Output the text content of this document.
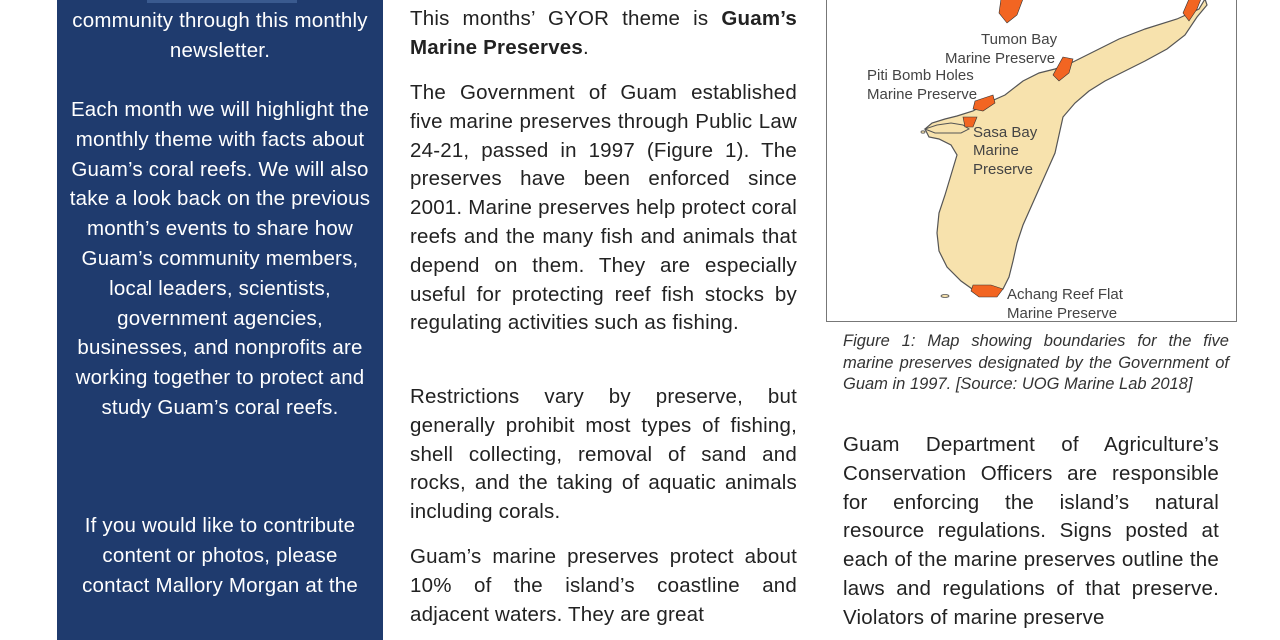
community through this monthly newsletter.
Each month we will highlight the monthly theme with facts about Guam’s coral reefs. We will also take a look back on the previous month’s events to share how Guam’s community members, local leaders, scientists, government agencies, businesses, and nonprofits are working together to protect and study Guam’s coral reefs.
If you would like to contribute content or photos, please contact Mallory Morgan at the

This months’ GYOR theme is Guam’s Marine Preserves.

The Government of Guam established five marine preserves through Public Law 24-21, passed in 1997 (Figure 1). The preserves have been enforced since 2001. Marine preserves help protect coral reefs and the many fish and animals that depend on them. They are especially useful for protecting reef fish stocks by regulating activities such as fishing.

Restrictions vary by preserve, but generally prohibit most types of fishing, shell collecting, removal of sand and rocks, and the taking of aquatic animals including corals.

Guam’s marine preserves protect about 10% of the island’s coastline and adjacent waters. They are great

Tumon Bay
Marine Preserve
Piti Bomb Holes
Marine Preserve
Sasa Bay
Marine
Preserve
Achang Reef Flat
Marine Preserve
Figure 1: Map showing boundaries for the five marine preserves designated by the Government of Guam in 1997. [Source: UOG Marine Lab 2018]
Guam Department of Agriculture’s Conservation Officers are responsible for enforcing the island’s natural resource regulations. Signs posted at each of the marine preserves outline the laws and regulations of that preserve. Violators of marine preserve
